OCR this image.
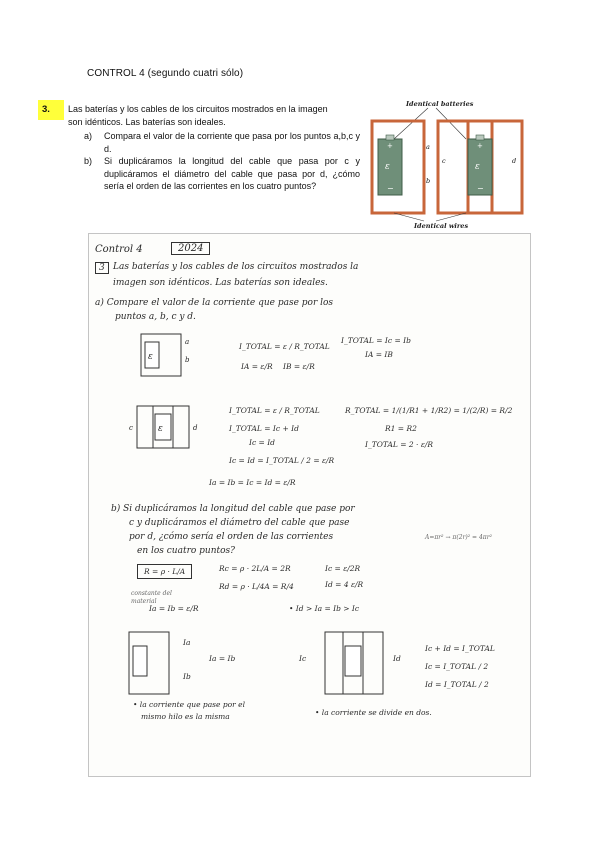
CONTROL 4 (segundo cuatri sólo)
3.	Las baterías y los cables de los circuitos mostrados en la imagen

son idénticos. Las baterías son ideales.

a) Compara el valor de la corriente que pasa por los puntos a,b,c y d.
b) Si duplicáramos la longitud del cable que pasa por c y duplicáramos el diámetro del cable que pasa por d, ¿cómo sería el orden de las corrientes en los cuatro puntos?
Identical batteries
+
ε
−
a
b
+
ε
−
c	d
Identical wires
Control 4	2024
3 Las baterías y los cables de los circuitos mostrados la
imagen son idénticos. Las baterías son ideales.
a) Compare el valor de la corriente que pase por los
puntos a, b, c y d.
ε
a
b
I_TOTAL = ε / R_TOTAL
I_TOTAL = Ic = Ib
IA = IB
IA = ε/R IB = ε/R
c	ε	d
I_TOTAL = ε / R_TOTAL	R_TOTAL = 1/(1/R1 + 1/R2) = 1/(2/R) = R/2
I_TOTAL = Ic + Id	R1 = R2
Ic = Id	I_TOTAL = 2 · ε/R
Ic = Id = I_TOTAL / 2 = ε/R
Ia = Ib = Ic = Id = ε/R
b) Si duplicáramos la longitud del cable que pase por
c y duplicáramos el diámetro del cable que pase
por d, ¿cómo sería el orden de las corrientes
en los cuatro puntos?
A=πr² → π(2r)² = 4πr²
R = ρ · L/A	Rc = ρ · 2L/A = 2R	Ic = ε/2R
Rd = ρ · L/4A = R/4	Id = 4 ε/R
constante del material
Ia = Ib = ε/R	• Id > Ia = Ib > Ic
Ia
Ib
Ia = Ib	Ic	Id
Ic + Id = I_TOTAL
Ic = I_TOTAL / 2
Id = I_TOTAL / 2
• la corriente que pase por el
mismo hilo es la misma	• la corriente se divide en dos.
